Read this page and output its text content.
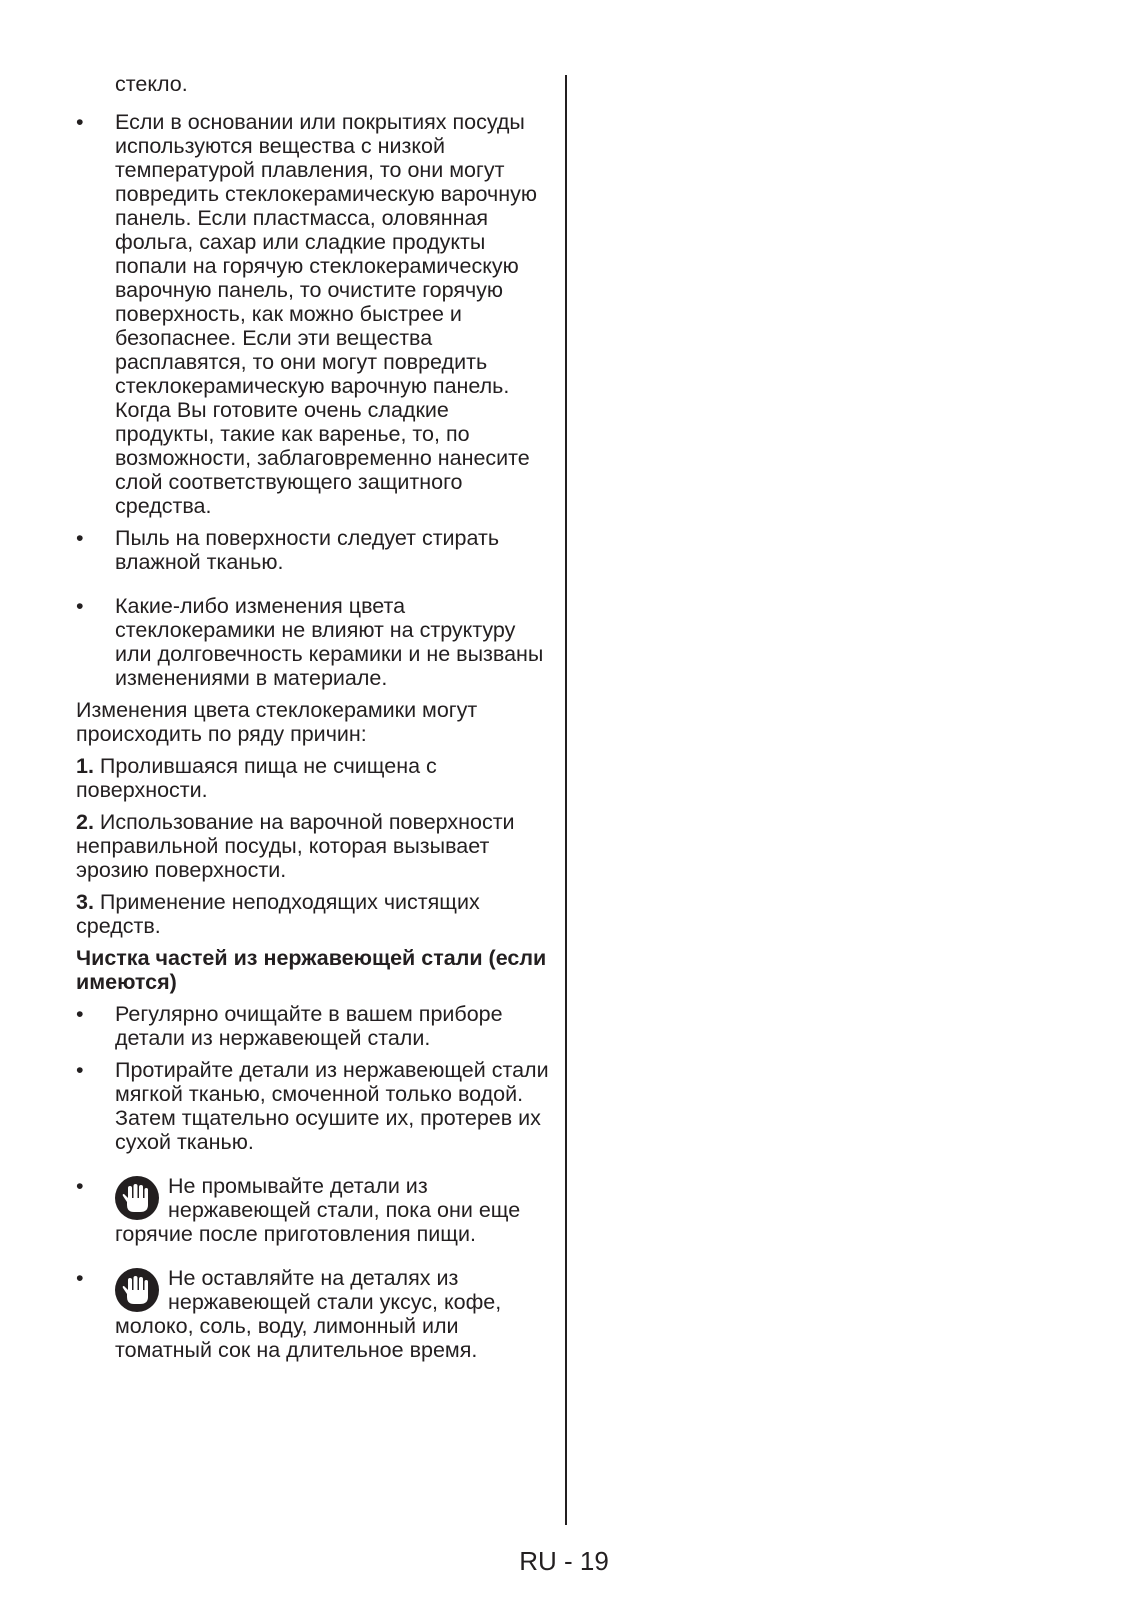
стекло.

• Если в основании или покрытиях посуды используются вещества с низкой температурой плавления, то они могут повредить стеклокерамическую варочную панель. Если пластмасса, оловянная фольга, сахар или сладкие продукты попали на горячую стеклокерамическую варочную панель, то очистите горячую поверхность, как можно быстрее и безопаснее. Если эти вещества расплавятся, то они могут повредить стеклокерамическую варочную панель. Когда Вы готовите очень сладкие продукты, такие как варенье, то, по возможности, заблаговременно нанесите слой соответствующего защитного средства.

• Пыль на поверхности следует стирать влажной тканью.

• Какие-либо изменения цвета стеклокерамики не влияют на структуру или долговечность керамики и не вызваны изменениями в материале.

Изменения цвета стеклокерамики могут происходить по ряду причин:

1. Пролившаяся пища не счищена с поверхности.

2. Использование на варочной поверхности неправильной посуды, которая вызывает эрозию поверхности.

3. Применение неподходящих чистящих средств.

Чистка частей из нержавеющей стали (если имеются)

• Регулярно очищайте в вашем приборе детали из нержавеющей стали.

• Протирайте детали из нержавеющей стали мягкой тканью, смоченной только водой. Затем тщательно осушите их, протерев их сухой тканью.

•	Не промывайте детали из нержавеющей стали, пока они еще горячие после приготовления пищи.
•	Не оставляйте на деталях из нержавеющей стали уксус, кофе, молоко, соль, воду, лимонный или томатный сок на длительное время.
RU - 19
